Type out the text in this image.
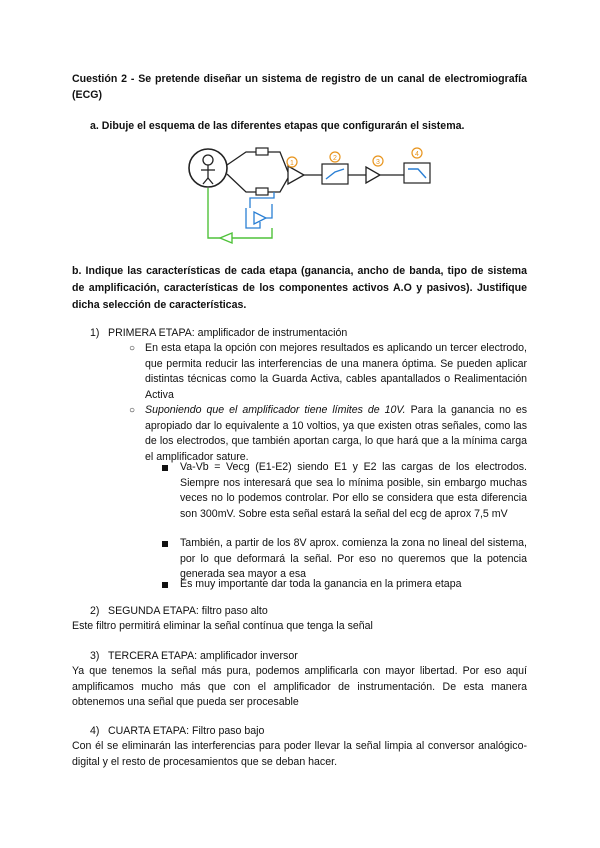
Cuestión 2 - Se pretende diseñar un sistema de registro de un canal de electromiografía (ECG)
a. Dibuje el esquema de las diferentes etapas que configurarán el sistema.
1
2
3
4
b. Indique las características de cada etapa (ganancia, ancho de banda, tipo de sistema de amplificación, características de los componentes activos A.O y pasivos). Justifique dicha selección de características.
1) PRIMERA ETAPA: amplificador de instrumentación
○ En esta etapa la opción con mejores resultados es aplicando un tercer electrodo, que permita reducir las interferencias de una manera óptima. Se pueden aplicar distintas técnicas como la Guarda Activa, cables apantallados o Realimentación Activa
○ Suponiendo que el amplificador tiene límites de 10V. Para la ganancia no es apropiado dar lo equivalente a 10 voltios, ya que existen otras señales, como las de los electrodos, que también aportan carga, lo que hará que a la mínima carga el amplificador sature.
Va-Vb = Vecg (E1-E2) siendo E1 y E2 las cargas de los electrodos. Siempre nos interesará que sea lo mínima posible, sin embargo muchas veces no lo podemos controlar. Por ello se considera que esta diferencia son 300mV. Sobre esta señal estará la señal del ecg de aprox 7,5 mV
También, a partir de los 8V aprox. comienza la zona no lineal del sistema, por lo que deformará la señal. Por eso no queremos que la potencia generada sea mayor a esa
Es muy importante dar toda la ganancia en la primera etapa
2) SEGUNDA ETAPA: filtro paso alto
Este filtro permitirá eliminar la señal contínua que tenga la señal
3) TERCERA ETAPA: amplificador inversor
Ya que tenemos la señal más pura, podemos amplificarla con mayor libertad. Por eso aquí amplificamos mucho más que con el amplificador de instrumentación. De esta manera obtenemos una señal que pueda ser procesable
4) CUARTA ETAPA: Filtro paso bajo
Con él se eliminarán las interferencias para poder llevar la señal limpia al conversor analógico-digital y el resto de procesamientos que se deban hacer.
